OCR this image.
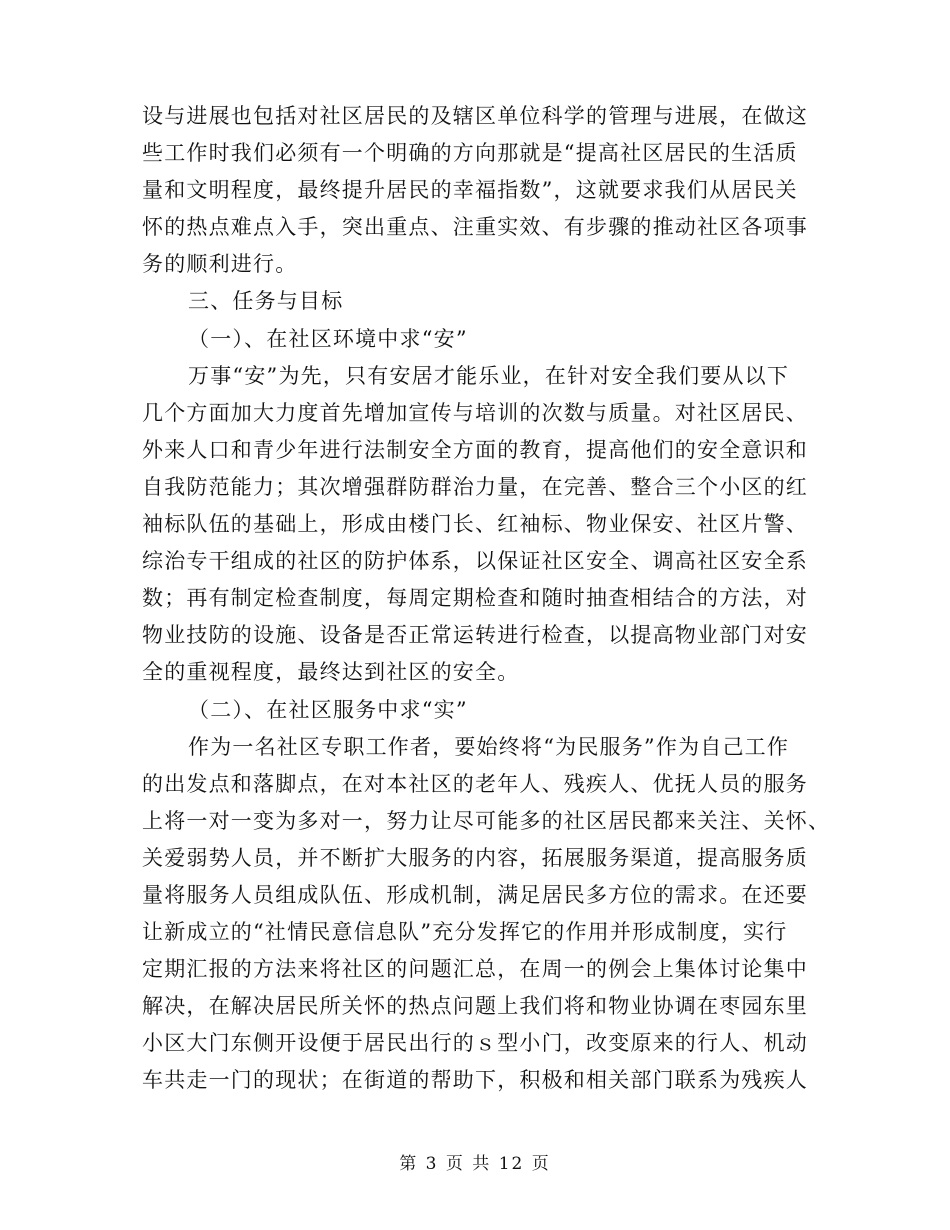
设与进展也包括对社区居民的及辖区单位科学的管理与进展，在做这
些工作时我们必须有一个明确的方向那就是“提高社区居民的生活质
量和文明程度，最终提升居民的幸福指数”，这就要求我们从居民关
怀的热点难点入手，突出重点、注重实效、有步骤的推动社区各项事
务的顺利进行。
三、任务与目标
（一）、在社区环境中求“安”
万事“安”为先，只有安居才能乐业，在针对安全我们要从以下
几个方面加大力度首先增加宣传与培训的次数与质量。对社区居民、
外来人口和青少年进行法制安全方面的教育，提高他们的安全意识和
自我防范能力；其次增强群防群治力量，在完善、整合三个小区的红
袖标队伍的基础上，形成由楼门长、红袖标、物业保安、社区片警、
综治专干组成的社区的防护体系，以保证社区安全、调高社区安全系
数；再有制定检查制度，每周定期检查和随时抽查相结合的方法，对
物业技防的设施、设备是否正常运转进行检查，以提高物业部门对安
全的重视程度，最终达到社区的安全。
（二）、在社区服务中求“实”
作为一名社区专职工作者，要始终将“为民服务”作为自己工作
的出发点和落脚点，在对本社区的老年人、残疾人、优抚人员的服务
上将一对一变为多对一，努力让尽可能多的社区居民都来关注、关怀、
关爱弱势人员，并不断扩大服务的内容，拓展服务渠道，提高服务质
量将服务人员组成队伍、形成机制，满足居民多方位的需求。在还要
让新成立的“社情民意信息队”充分发挥它的作用并形成制度，实行
定期汇报的方法来将社区的问题汇总，在周一的例会上集体讨论集中
解决，在解决居民所关怀的热点问题上我们将和物业协调在枣园东里
小区大门东侧开设便于居民出行的ｓ型小门，改变原来的行人、机动
车共走一门的现状；在街道的帮助下，积极和相关部门联系为残疾人
第 3 页 共 12 页
